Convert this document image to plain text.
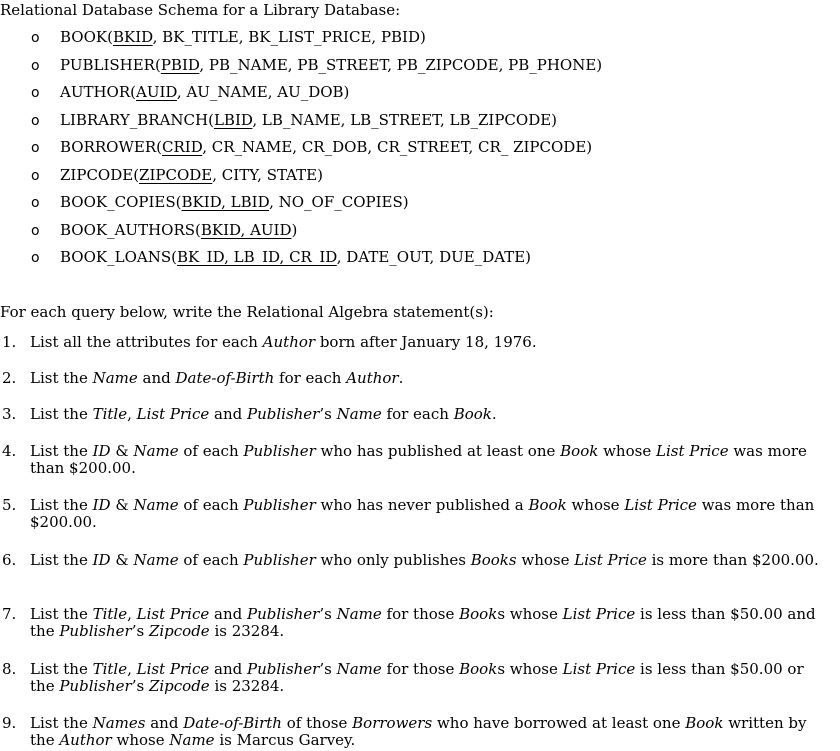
Relational Database Schema for a Library Database:
o BOOK(BKID, BK_TITLE, BK_LIST_PRICE, PBID)
o PUBLISHER(PBID, PB_NAME, PB_STREET, PB_ZIPCODE, PB_PHONE)
o AUTHOR(AUID, AU_NAME, AU_DOB)
o LIBRARY_BRANCH(LBID, LB_NAME, LB_STREET, LB_ZIPCODE)
o BORROWER(CRID, CR_NAME, CR_DOB, CR_STREET, CR_ ZIPCODE)
o ZIPCODE(ZIPCODE, CITY, STATE)
o BOOK_COPIES(BKID, LBID, NO_OF_COPIES)
o BOOK_AUTHORS(BKID, AUID)
o BOOK_LOANS(BK_ID, LB_ID, CR_ID, DATE_OUT, DUE_DATE)
For each query below, write the Relational Algebra statement(s):
1. List all the attributes for each Author born after January 18, 1976.
2. List the Name and Date-of-Birth for each Author.
3. List the Title, List Price and Publisher’s Name for each Book.
4. List the ID & Name of each Publisher who has published at least one Book whose List Price was more than $200.00.
5. List the ID & Name of each Publisher who has never published a Book whose List Price was more than $200.00.
6. List the ID & Name of each Publisher who only publishes Books whose List Price is more than $200.00.
7. List the Title, List Price and Publisher’s Name for those Books whose List Price is less than $50.00 and the Publisher’s Zipcode is 23284.
8. List the Title, List Price and Publisher’s Name for those Books whose List Price is less than $50.00 or the Publisher’s Zipcode is 23284.
9. List the Names and Date-of-Birth of those Borrowers who have borrowed at least one Book written by the Author whose Name is Marcus Garvey.
